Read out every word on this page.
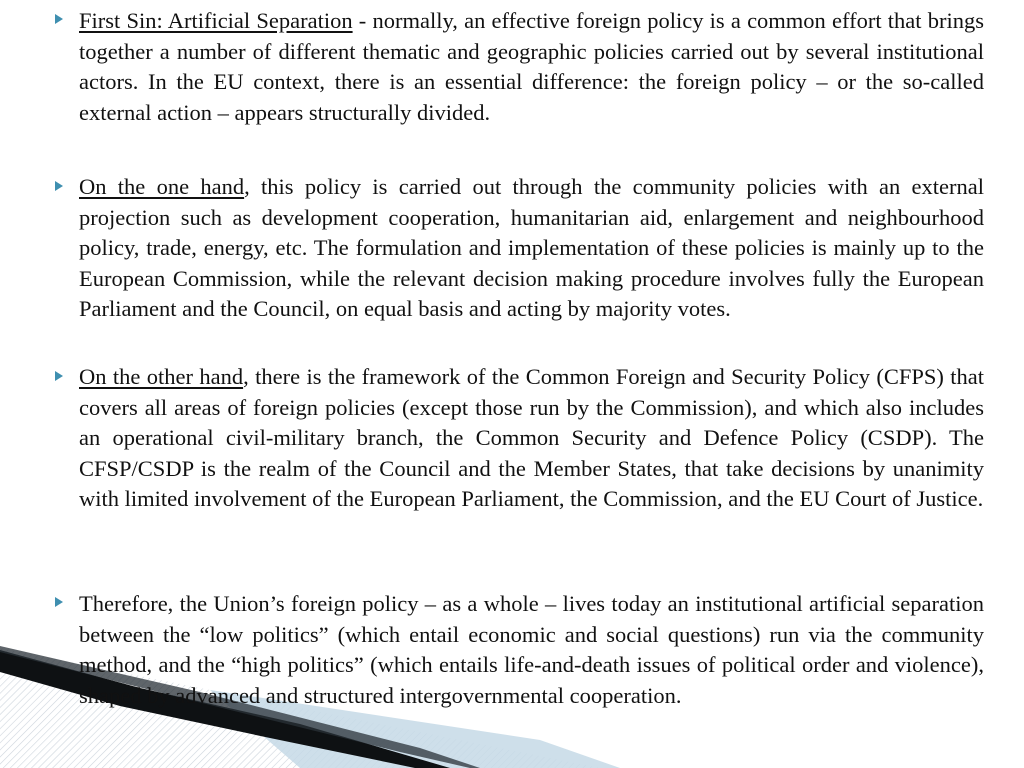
First Sin: Artificial Separation - normally, an effective foreign policy is a common effort that brings together a number of different thematic and geographic policies carried out by several institutional actors. In the EU context, there is an essential difference: the foreign policy – or the so-called external action – appears structurally divided.

On the one hand, this policy is carried out through the community policies with an external projection such as development cooperation, humanitarian aid, enlargement and neighbourhood policy, trade, energy, etc. The formulation and implementation of these policies is mainly up to the European Commission, while the relevant decision making procedure involves fully the European Parliament and the Council, on equal basis and acting by majority votes.

On the other hand, there is the framework of the Common Foreign and Security Policy (CFPS) that covers all areas of foreign policies (except those run by the Commission), and which also includes an operational civil-military branch, the Common Security and Defence Policy (CSDP). The CFSP/CSDP is the realm of the Council and the Member States, that take decisions by unanimity with limited involvement of the European Parliament, the Commission, and the EU Court of Justice.

Therefore, the Union’s foreign policy – as a whole – lives today an institutional artificial separation between the “low politics” (which entail economic and social questions) run via the community method, and the “high politics” (which entails life-and-death issues of political order and violence), shaped by advanced and structured intergovernmental cooperation.
